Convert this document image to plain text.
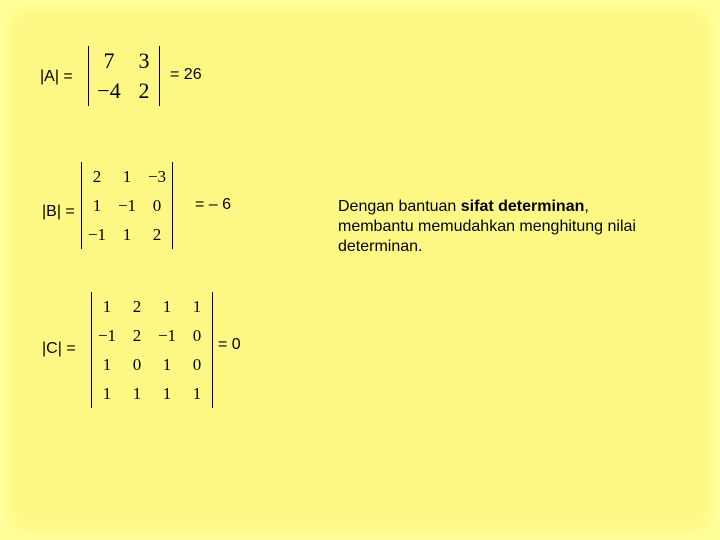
|A| =
7	3
−4	2
= 26
|B| =
2	1	−3
1	−1	0
−1	1	2
= – 6
|C| =
1	2	1	1
−1	2	−1	0
1	0	1	0
1	1	1	1
= 0
Dengan bantuan sifat determinan, membantu memudahkan menghitung nilai determinan.
